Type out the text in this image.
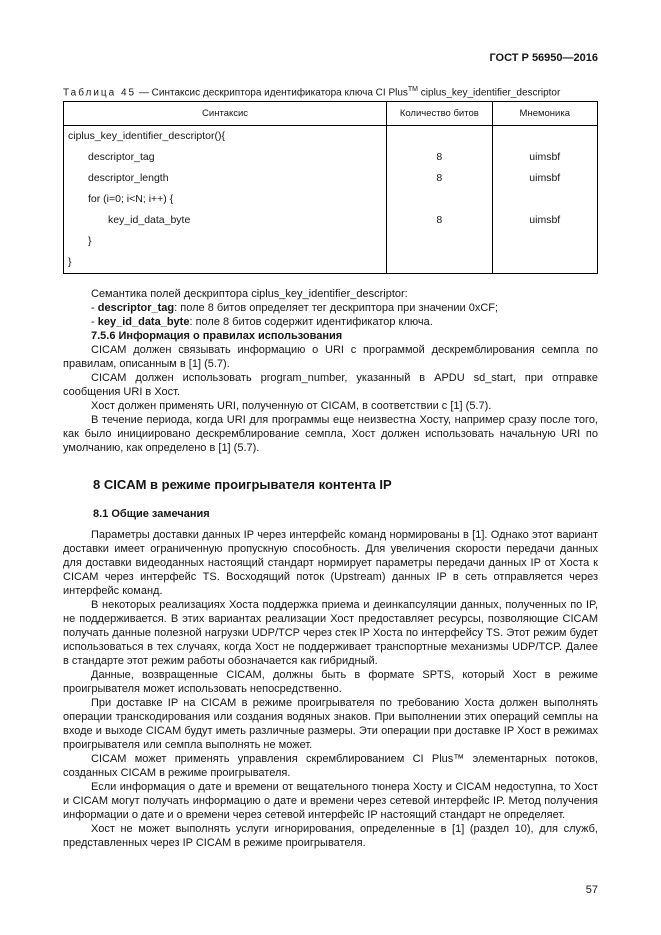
ГОСТ Р 56950—2016

Таблица 45 — Синтаксис дескриптора идентификатора ключа CI Plus™ ciplus_key_identifier_descriptor

Синтаксис	Количество битов	Мнемоника
ciplus_key_identifier_descriptor(){		
descriptor_tag	8	uimsbf
descriptor_length	8	uimsbf
for (i=0; i<N; i++) {		
key_id_data_byte	8	uimsbf
}		
}		

Семантика полей дескриптора ciplus_key_identifier_descriptor:

- descriptor_tag: поле 8 битов определяет тег дескриптора при значении 0xCF;

- key_id_data_byte: поле 8 битов содержит идентификатор ключа.

7.5.6 Информация о правилах использования

CICAM должен связывать информацию о URI с программой дескремблирования семпла по правилам, описанным в [1] (5.7).

CICAM должен использовать program_number, указанный в APDU sd_start, при отправке сообщения URI в Хост.

Хост должен применять URI, полученную от CICAM, в соответствии с [1] (5.7).

В течение периода, когда URI для программы еще неизвестна Хосту, например сразу после того, как было инициировано дескремблирование семпла, Хост должен использовать начальную URI по умолчанию, как определено в [1] (5.7).

8 CICAM в режиме проигрывателя контента IP
8.1 Общие замечания

Параметры доставки данных IP через интерфейс команд нормированы в [1]. Однако этот вариант доставки имеет ограниченную пропускную способность. Для увеличения скорости передачи данных для доставки видеоданных настоящий стандарт нормирует параметры передачи данных IP от Хоста к CICAM через интерфейс TS. Восходящий поток (Upstream) данных IP в сеть отправляется через интерфейс команд.

В некоторых реализациях Хоста поддержка приема и деинкапсуляции данных, полученных по IP, не поддерживается. В этих вариантах реализации Хост предоставляет ресурсы, позволяющие CICAM получать данные полезной нагрузки UDP/TCP через стек IP Хоста по интерфейсу TS. Этот режим будет использоваться в тех случаях, когда Хост не поддерживает транспортные механизмы UDP/TCP. Далее в стандарте этот режим работы обозначается как гибридный.

Данные, возвращенные CICAM, должны быть в формате SPTS, который Хост в режиме проигрывателя может использовать непосредственно.

При доставке IP на CICAM в режиме проигрывателя по требованию Хоста должен выполнять операции транскодирования или создания водяных знаков. При выполнении этих операций семплы на входе и выходе CICAM будут иметь различные размеры. Эти операции при доставке IP Хост в режимах проигрывателя или семпла выполнять не может.

CICAM может применять управления скремблированием CI Plus™ элементарных потоков, созданных CICAM в режиме проигрывателя.

Если информация о дате и времени от вещательного тюнера Хосту и CICAM недоступна, то Хост и CICAM могут получать информацию о дате и времени через сетевой интерфейс IP. Метод получения информации о дате и о времени через сетевой интерфейс IP настоящий стандарт не определяет.

Хост не может выполнять услуги игнорирования, определенные в [1] (раздел 10), для служб, представленных через IP CICAM в режиме проигрывателя.

57
